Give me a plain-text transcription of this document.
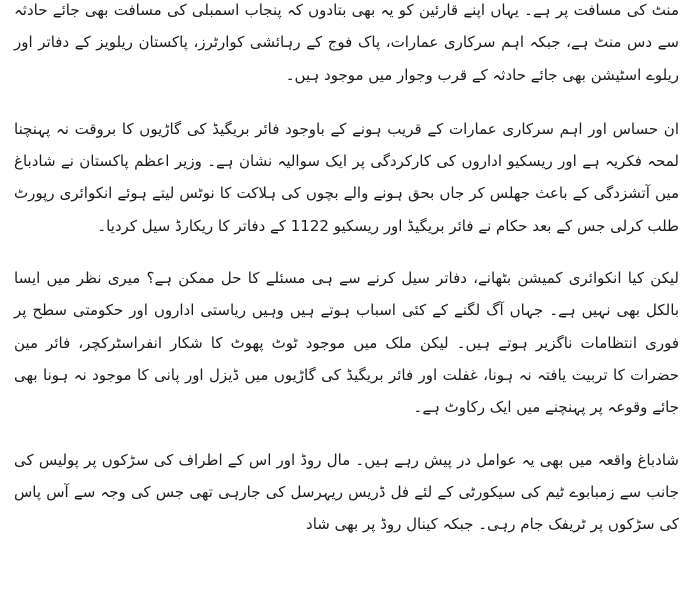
منٹ کی مسافت پر ہے۔ یہاں اپنے قارئین کو یہ بھی بتادوں کہ پنجاب اسمبلی کی مسافت بھی جائے حادثہ سے دس منٹ ہے، جبکہ اہم سرکاری عمارات، پاک فوج کے رہائشی کوارٹرز، پاکستان ریلویز کے دفاتر اور ریلوے اسٹیشن بھی جائے حادثہ کے قرب وجوار میں موجود ہیں۔

ان حساس اور اہم سرکاری عمارات کے قریب ہونے کے باوجود فائر بریگیڈ کی گاڑیوں کا بروقت نہ پہنچنا لمحہ فکریہ ہے اور ریسکیو اداروں کی کارکردگی پر ایک سوالیہ نشان ہے۔ وزیر اعظم پاکستان نے شادباغ میں آتشزدگی کے باعث جھلس کر جاں بحق ہونے والے بچوں کی ہلاکت کا نوٹس لیتے ہوئے انکوائری رپورٹ طلب کرلی جس کے بعد حکام نے فائر بریگیڈ اور ریسکیو 1122 کے دفاتر کا ریکارڈ سیل کردیا۔

لیکن کیا انکوائری کمیشن بٹھانے، دفاتر سیل کرنے سے ہی مسئلے کا حل ممکن ہے؟ میری نظر میں ایسا بالکل بھی نہیں ہے۔ جہاں آگ لگنے کے کئی اسباب ہوتے ہیں وہیں ریاستی اداروں اور حکومتی سطح پر فوری انتظامات ناگزیر ہوتے ہیں۔ لیکن ملک میں موجود ٹوٹ پھوٹ کا شکار انفراسٹرکچر، فائر مین حضرات کا تربیت یافتہ نہ ہونا، غفلت اور فائر بریگیڈ کی گاڑیوں میں ڈیزل اور پانی کا موجود نہ ہونا بھی جائے وقوعہ پر پہنچنے میں ایک رکاوٹ ہے۔

شادباغ واقعہ میں بھی یہ عوامل در پیش رہے ہیں۔ مال روڈ اور اس کے اطراف کی سڑکوں پر پولیس کی جانب سے زمبابوے ٹیم کی سیکورٹی کے لئے فل ڈریس ریہرسل کی جارہی تھی جس کی وجہ سے آس پاس کی سڑکوں پر ٹریفک جام رہی۔ جبکہ کینال روڈ پر بھی شاد
